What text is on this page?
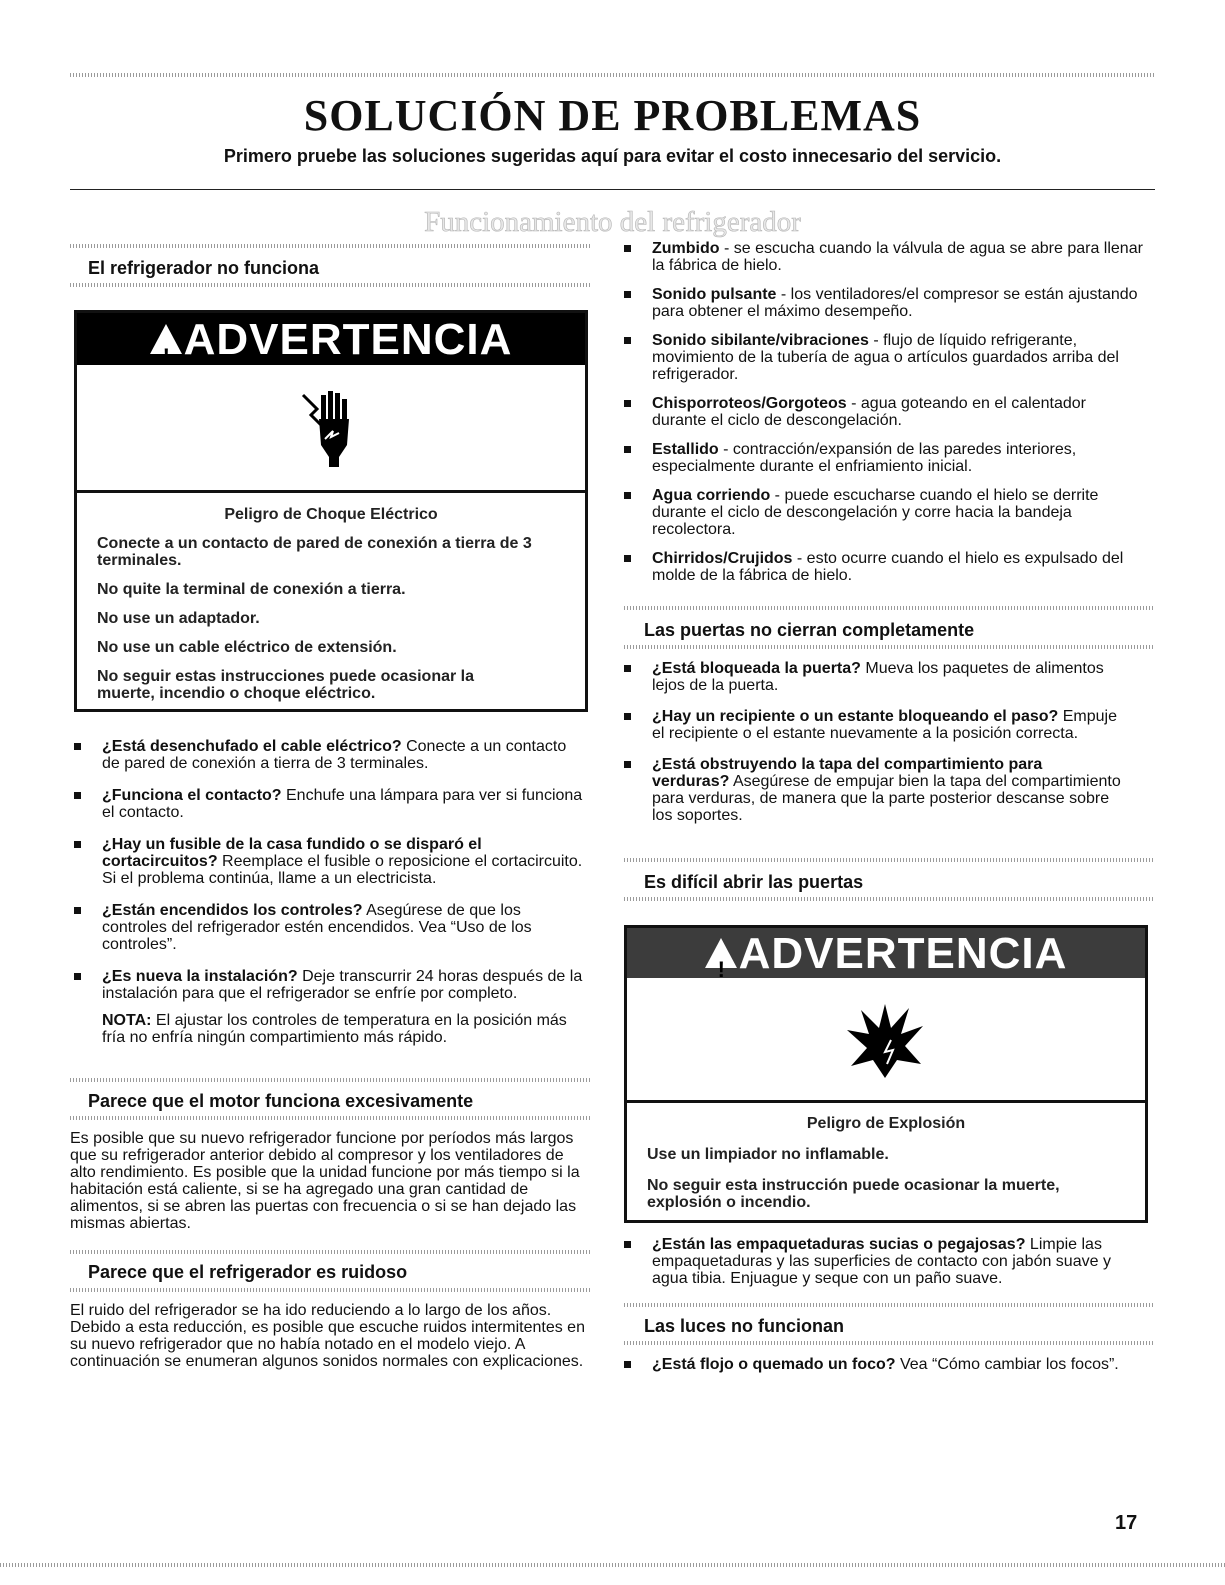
SOLUCIÓN DE PROBLEMAS

Primero pruebe las soluciones sugeridas aquí para evitar el costo innecesario del servicio.

Funcionamiento del refrigerador

El refrigerador no funciona

! ADVERTENCIA

Peligro de Choque Eléctrico

Conecte a un contacto de pared de conexión a tierra de 3 terminales.

No quite la terminal de conexión a tierra.

No use un adaptador.

No use un cable eléctrico de extensión.

No seguir estas instrucciones puede ocasionar la muerte, incendio o choque eléctrico.

¿Está desenchufado el cable eléctrico? Conecte a un contacto de pared de conexión a tierra de 3 terminales.

¿Funciona el contacto? Enchufe una lámpara para ver si funciona el contacto.

¿Hay un fusible de la casa fundido o se disparó el cortacircuitos? Reemplace el fusible o reposicione el cortacircuito. Si el problema continúa, llame a un electricista.

¿Están encendidos los controles? Asegúrese de que los controles del refrigerador estén encendidos. Vea “Uso de los controles”.

¿Es nueva la instalación? Deje transcurrir 24 horas después de la instalación para que el refrigerador se enfríe por completo.

NOTA: El ajustar los controles de temperatura en la posición más fría no enfría ningún compartimiento más rápido.

Parece que el motor funciona excesivamente

Es posible que su nuevo refrigerador funcione por períodos más largos que su refrigerador anterior debido al compresor y los ventiladores de alto rendimiento. Es posible que la unidad funcione por más tiempo si la habitación está caliente, si se ha agregado una gran cantidad de alimentos, si se abren las puertas con frecuencia o si se han dejado las mismas abiertas.

Parece que el refrigerador es ruidoso

El ruido del refrigerador se ha ido reduciendo a lo largo de los años. Debido a esta reducción, es posible que escuche ruidos intermitentes en su nuevo refrigerador que no había notado en el modelo viejo. A continuación se enumeran algunos sonidos normales con explicaciones.

Zumbido - se escucha cuando la válvula de agua se abre para llenar la fábrica de hielo.

Sonido pulsante - los ventiladores/el compresor se están ajustando para obtener el máximo desempeño.

Sonido sibilante/vibraciones - flujo de líquido refrigerante, movimiento de la tubería de agua o artículos guardados arriba del refrigerador.

Chisporroteos/Gorgoteos - agua goteando en el calentador durante el ciclo de descongelación.

Estallido - contracción/expansión de las paredes interiores, especialmente durante el enfriamiento inicial.

Agua corriendo - puede escucharse cuando el hielo se derrite durante el ciclo de descongelación y corre hacia la bandeja recolectora.

Chirridos/Crujidos - esto ocurre cuando el hielo es expulsado del molde de la fábrica de hielo.

Las puertas no cierran completamente

¿Está bloqueada la puerta? Mueva los paquetes de alimentos lejos de la puerta.

¿Hay un recipiente o un estante bloqueando el paso? Empuje el recipiente o el estante nuevamente a la posición correcta.

¿Está obstruyendo la tapa del compartimiento para verduras? Asegúrese de empujar bien la tapa del compartimiento para verduras, de manera que la parte posterior descanse sobre los soportes.

Es difícil abrir las puertas

! ADVERTENCIA

Peligro de Explosión

Use un limpiador no inflamable.

No seguir esta instrucción puede ocasionar la muerte, explosión o incendio.

¿Están las empaquetaduras sucias o pegajosas? Limpie las empaquetaduras y las superficies de contacto con jabón suave y agua tibia. Enjuague y seque con un paño suave.

Las luces no funcionan

¿Está flojo o quemado un foco? Vea “Cómo cambiar los focos”.

17
